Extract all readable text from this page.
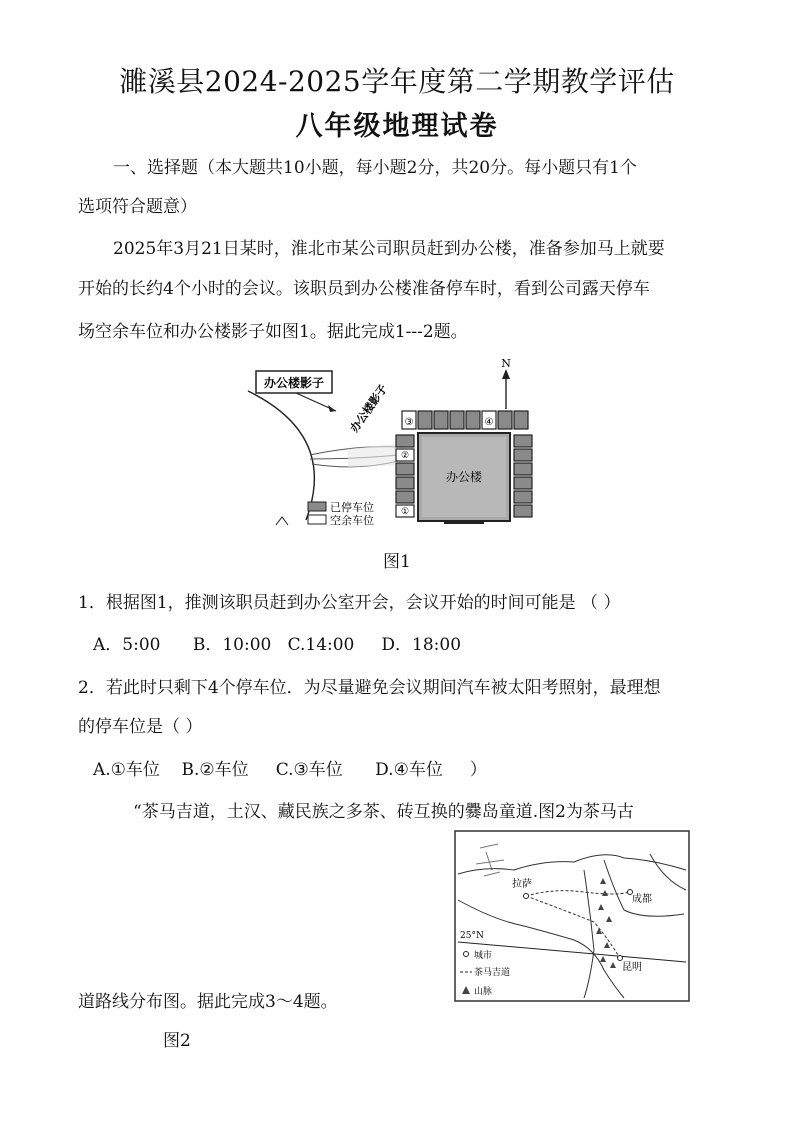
濉溪县2024-2025学年度第二学期教学评估
八年级地理试卷
一、选择题（本大题共10小题，每小题2分，共20分。每小题只有1个
选项符合题意）
2025年3月21日某时，淮北市某公司职员赶到办公楼，准备参加马上就要
开始的长约4个小时的会议。该职员到办公楼准备停车时，看到公司露天停车
场空余车位和办公楼影子如图1。据此完成1---2题。
办公楼影子 办公楼影子
N
③	④
②
①
办公楼
已停车位
空余车位
图1
1．根据图1，推测该职员赶到办公室开会，会议开始的时间可能是 （ ）
A．5:00      B．10:00   C.14:00     D．18:00
2．若此时只剩下4个停车位．为尽量避免会议期间汽车被太阳考照射，最理想
的停车位是（ ）
A.①车位    B.②车位     C.③车位      D.④车位     ）
“茶马吉道，土汉、藏民族之多茶、砖互换的爨岛童道.图2为茶马古
25°N
拉萨
成都
昆明
城市
茶马吉道
山脉
道路线分布图。据此完成3～4题。
图2
